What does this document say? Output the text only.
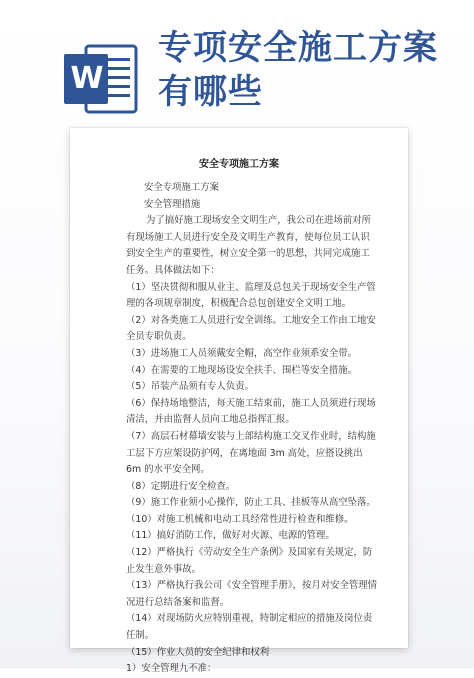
W
专项安全施工方案
有哪些
安全专项施工方案

安全专项施工方案

安全管理措施

为了搞好施工现场安全文明生产，我公司在进场前对所有现场施工人员进行安全及文明生产教育，使每位员工认识到安全生产的重要性，树立安全第一的思想，共同完成施工任务。具体做法如下：

（1）坚决贯彻和服从业主、监理及总包关于现场安全生产管理的各项规章制度，积极配合总包创建安全文明工地。

（2）对各类施工人员进行安全训练。工地安全工作由工地安全员专职负责。

（3）进场施工人员须戴安全帽，高空作业须系安全带。

（4）在需要的工地现场设安全扶手、围栏等安全措施。

（5）吊装产品须有专人负责。

（6）保持场地整洁，每天施工结束前，施工人员须进行现场清洁，并由监督人员向工地总指挥汇报。

（7）高层石材幕墙安装与上部结构施工交叉作业时，结构施工层下方应架设防护网，在离地面 3m 高处，应搭设挑出 6m 的水平安全网。

（8）定期进行安全检查。

（9）施工作业须小心操作，防止工具、挂板等从高空坠落。

（10）对施工机械和电动工具经常性进行检查和维修。

（11）搞好消防工作，做好对火源、电源的管理。

（12）严格执行《劳动安全生产条例》及国家有关规定，防止发生意外事故。

（13）严格执行我公司《安全管理手册》，按月对安全管理情况进行总结备案和监督。

（14）对现场防火应特别重视，特制定相应的措施及岗位责任制。

（15）作业人员的安全纪律和权利

1）安全管理九不准：
